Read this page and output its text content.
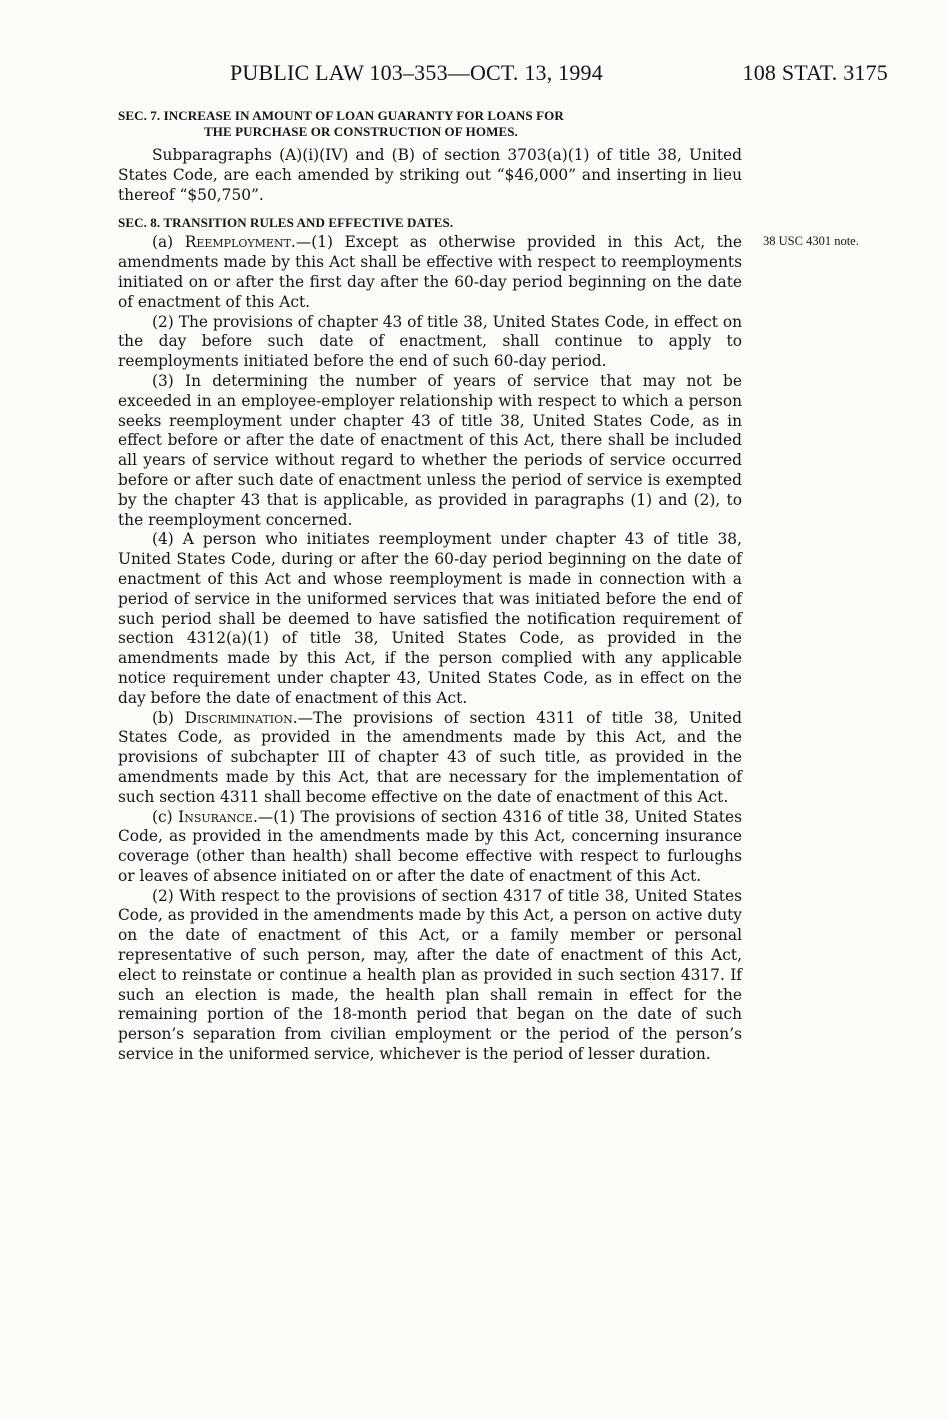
PUBLIC LAW 103–353—OCT. 13, 1994	108 STAT. 3175
38 USC 4301 note.
SEC. 7. INCREASE IN AMOUNT OF LOAN GUARANTY FOR LOANS FOR
THE PURCHASE OR CONSTRUCTION OF HOMES.

Subparagraphs (A)(i)(IV) and (B) of section 3703(a)(1) of title 38, United States Code, are each amended by striking out “$46,000” and inserting in lieu thereof “$50,750”.

SEC. 8. TRANSITION RULES AND EFFECTIVE DATES.

(a) Reemployment.—(1) Except as otherwise provided in this Act, the amendments made by this Act shall be effective with respect to reemployments initiated on or after the first day after the 60-day period beginning on the date of enactment of this Act.

(2) The provisions of chapter 43 of title 38, United States Code, in effect on the day before such date of enactment, shall continue to apply to reemployments initiated before the end of such 60-day period.

(3) In determining the number of years of service that may not be exceeded in an employee-employer relationship with respect to which a person seeks reemployment under chapter 43 of title 38, United States Code, as in effect before or after the date of enactment of this Act, there shall be included all years of service without regard to whether the periods of service occurred before or after such date of enactment unless the period of service is exempted by the chapter 43 that is applicable, as provided in paragraphs (1) and (2), to the reemployment concerned.

(4) A person who initiates reemployment under chapter 43 of title 38, United States Code, during or after the 60-day period beginning on the date of enactment of this Act and whose reemployment is made in connection with a period of service in the uniformed services that was initiated before the end of such period shall be deemed to have satisfied the notification requirement of section 4312(a)(1) of title 38, United States Code, as provided in the amendments made by this Act, if the person complied with any applicable notice requirement under chapter 43, United States Code, as in effect on the day before the date of enactment of this Act.

(b) Discrimination.—The provisions of section 4311 of title 38, United States Code, as provided in the amendments made by this Act, and the provisions of subchapter III of chapter 43 of such title, as provided in the amendments made by this Act, that are necessary for the implementation of such section 4311 shall become effective on the date of enactment of this Act.

(c) Insurance.—(1) The provisions of section 4316 of title 38, United States Code, as provided in the amendments made by this Act, concerning insurance coverage (other than health) shall become effective with respect to furloughs or leaves of absence initiated on or after the date of enactment of this Act.

(2) With respect to the provisions of section 4317 of title 38, United States Code, as provided in the amendments made by this Act, a person on active duty on the date of enactment of this Act, or a family member or personal representative of such person, may, after the date of enactment of this Act, elect to reinstate or continue a health plan as provided in such section 4317. If such an election is made, the health plan shall remain in effect for the remaining portion of the 18-month period that began on the date of such person’s separation from civilian employment or the period of the person’s service in the uniformed service, whichever is the period of lesser duration.
